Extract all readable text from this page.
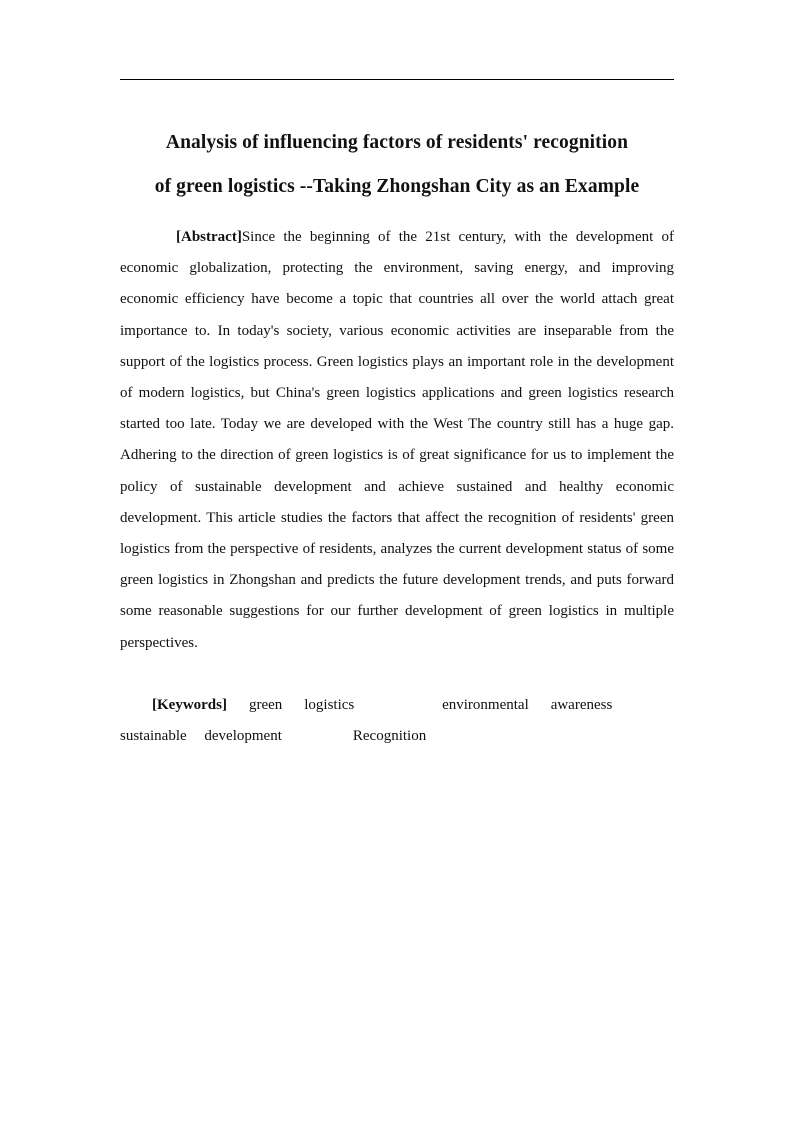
Analysis of influencing factors of residents' recognition
of green logistics --Taking Zhongshan City as an Example

[Abstract]Since the beginning of the 21st century, with the development of economic globalization, protecting the environment, saving energy, and improving economic efficiency have become a topic that countries all over the world attach great importance to. In today's society, various economic activities are inseparable from the support of the logistics process. Green logistics plays an important role in the development of modern logistics, but China's green logistics applications and green logistics research started too late. Today we are developed with the West The country still has a huge gap. Adhering to the direction of green logistics is of great significance for us to implement the policy of sustainable development and achieve sustained and healthy economic development. This article studies the factors that affect the recognition of residents' green logistics from the perspective of residents, analyzes the current development status of some green logistics in Zhongshan and predicts the future development trends, and puts forward some reasonable suggestions for our further development of green logistics in multiple perspectives.

[Keywords] green logistics	environmental awareness    sustainable development	Recognition
